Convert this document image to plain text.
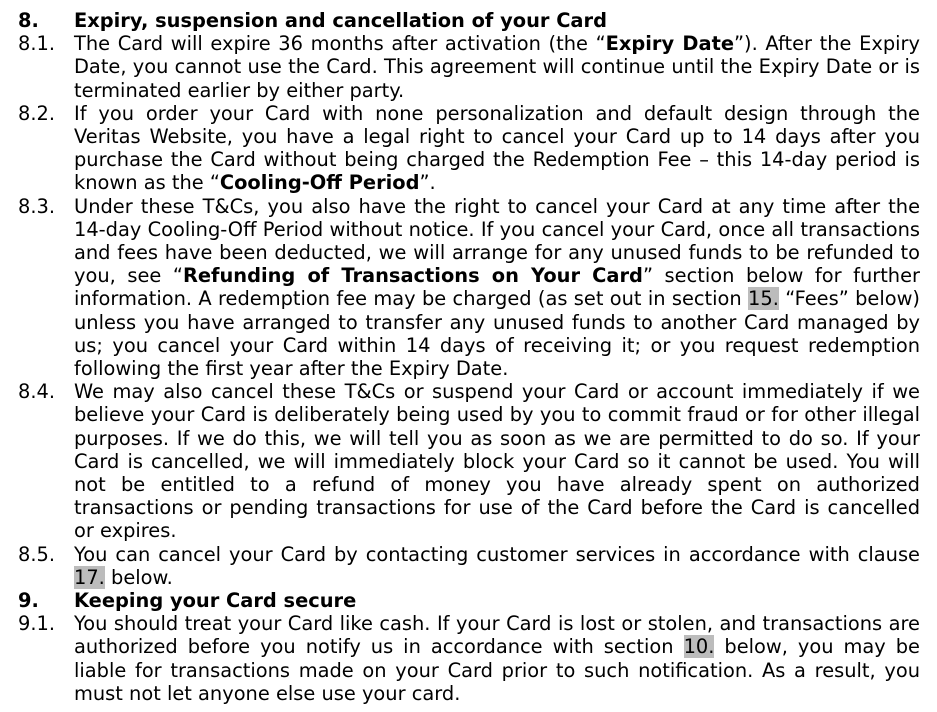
8.	Expiry, suspension and cancellation of your Card
8.1. The Card will expire 36 months after activation (the “Expiry Date”). After the Expiry Date, you cannot use the Card. This agreement will continue until the Expiry Date or is terminated earlier by either party.
8.2. If you order your Card with none personalization and default design through the Veritas Website, you have a legal right to cancel your Card up to 14 days after you purchase the Card without being charged the Redemption Fee – this 14-day period is known as the “Cooling-Off Period”.
8.3. Under these T&Cs, you also have the right to cancel your Card at any time after the 14-day Cooling-Off Period without notice. If you cancel your Card, once all transactions and fees have been deducted, we will arrange for any unused funds to be refunded to you, see “Refunding of Transactions on Your Card” section below for further information. A redemption fee may be charged (as set out in section 15. “Fees” below) unless you have arranged to transfer any unused funds to another Card managed by us; you cancel your Card within 14 days of receiving it; or you request redemption following the first year after the Expiry Date.
8.4. We may also cancel these T&Cs or suspend your Card or account immediately if we believe your Card is deliberately being used by you to commit fraud or for other illegal purposes. If we do this, we will tell you as soon as we are permitted to do so. If your Card is cancelled, we will immediately block your Card so it cannot be used. You will not be entitled to a refund of money you have already spent on authorized transactions or pending transactions for use of the Card before the Card is cancelled or expires.
8.5. You can cancel your Card by contacting customer services in accordance with clause 17. below.
9.	Keeping your Card secure
9.1. You should treat your Card like cash. If your Card is lost or stolen, and transactions are authorized before you notify us in accordance with section 10. below, you may be liable for transactions made on your Card prior to such notification. As a result, you must not let anyone else use your card.
